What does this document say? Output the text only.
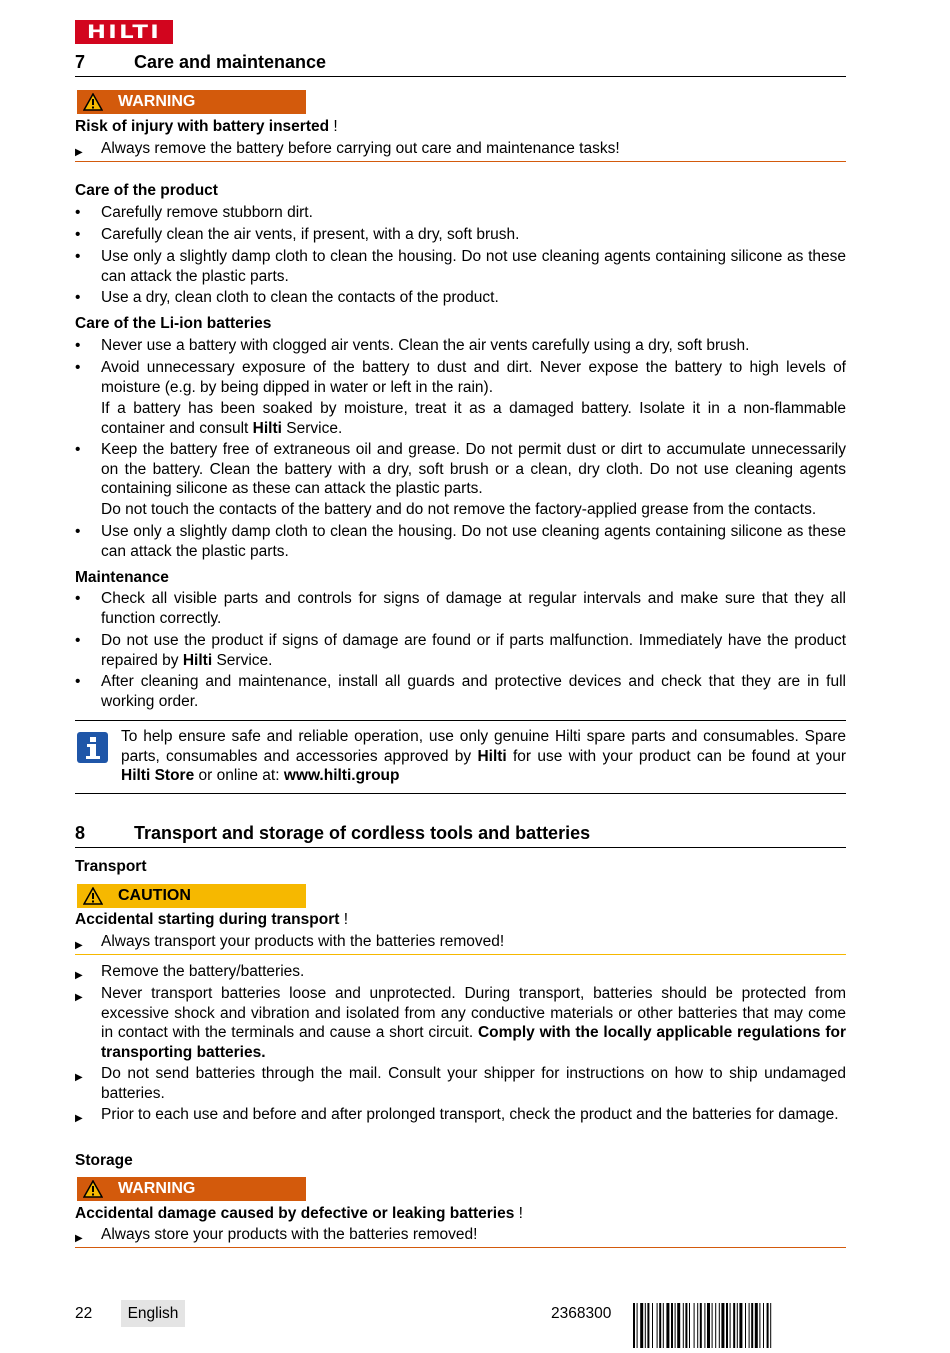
HILTI
7	Care and maintenance
WARNING
Risk of injury with battery inserted !
▶	Always remove the battery before carrying out care and maintenance tasks!
Care of the product
•	Carefully remove stubborn dirt.
•	Carefully clean the air vents, if present, with a dry, soft brush.
•	Use only a slightly damp cloth to clean the housing. Do not use cleaning agents containing silicone as these can attack the plastic parts.
•	Use a dry, clean cloth to clean the contacts of the product.
Care of the Li-ion batteries
•	Never use a battery with clogged air vents. Clean the air vents carefully using a dry, soft brush.
•	Avoid unnecessary exposure of the battery to dust and dirt. Never expose the battery to high levels of moisture (e.g. by being dipped in water or left in the rain).
If a battery has been soaked by moisture, treat it as a damaged battery. Isolate it in a non-flammable container and consult Hilti Service.
•	Keep the battery free of extraneous oil and grease. Do not permit dust or dirt to accumulate unnecessarily on the battery. Clean the battery with a dry, soft brush or a clean, dry cloth. Do not use cleaning agents containing silicone as these can attack the plastic parts.
Do not touch the contacts of the battery and do not remove the factory-applied grease from the contacts.
•	Use only a slightly damp cloth to clean the housing. Do not use cleaning agents containing silicone as these can attack the plastic parts.
Maintenance
•	Check all visible parts and controls for signs of damage at regular intervals and make sure that they all function correctly.
•	Do not use the product if signs of damage are found or if parts malfunction. Immediately have the product repaired by Hilti Service.
•	After cleaning and maintenance, install all guards and protective devices and check that they are in full working order.
To help ensure safe and reliable operation, use only genuine Hilti spare parts and consumables. Spare parts, consumables and accessories approved by Hilti for use with your product can be found at your Hilti Store or online at: www.hilti.group
8	Transport and storage of cordless tools and batteries
Transport
CAUTION
Accidental starting during transport !
▶	Always transport your products with the batteries removed!
▶	Remove the battery/batteries.
▶	Never transport batteries loose and unprotected. During transport, batteries should be protected from excessive shock and vibration and isolated from any conductive materials or other batteries that may come in contact with the terminals and cause a short circuit. Comply with the locally applicable regulations for transporting batteries.
▶	Do not send batteries through the mail. Consult your shipper for instructions on how to ship undamaged batteries.
▶	Prior to each use and before and after prolonged transport, check the product and the batteries for damage.
Storage
WARNING
Accidental damage caused by defective or leaking batteries !
▶	Always store your products with the batteries removed!
22	English	2368300
